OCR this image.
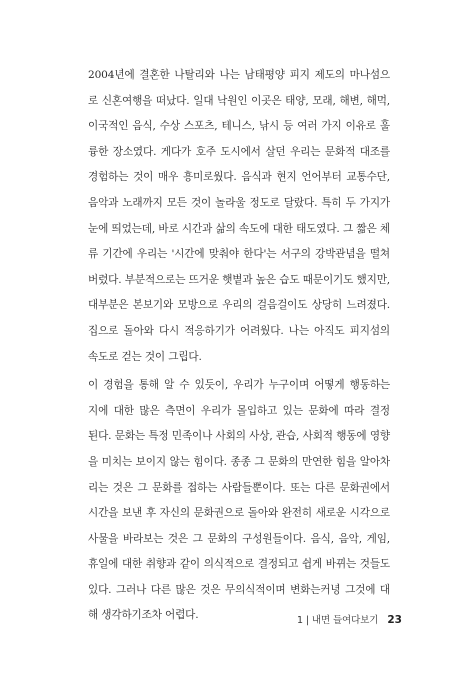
2004년에 결혼한 나탈리와 나는 남태평양 피지 제도의 마나섬으
로 신혼여행을 떠났다. 일대 낙원인 이곳은 태양, 모래, 해변, 해먹,
이국적인 음식, 수상 스포츠, 테니스, 낚시 등 여러 가지 이유로 훌
륭한 장소였다. 게다가 호주 도시에서 살던 우리는 문화적 대조를
경험하는 것이 매우 흥미로웠다. 음식과 현지 언어부터 교통수단,
음악과 노래까지 모든 것이 놀라울 정도로 달랐다. 특히 두 가지가
눈에 띄었는데, 바로 시간과 삶의 속도에 대한 태도였다. 그 짧은 체
류 기간에 우리는 '시간에 맞춰야 한다'는 서구의 강박관념을 떨쳐
버렸다. 부분적으로는 뜨거운 햇볕과 높은 습도 때문이기도 했지만,
대부분은 본보기와 모방으로 우리의 걸음걸이도 상당히 느려졌다.
집으로 돌아와 다시 적응하기가 어려웠다. 나는 아직도 피지섬의
속도로 걷는 것이 그립다.
이 경험을 통해 알 수 있듯이, 우리가 누구이며 어떻게 행동하는
지에 대한 많은 측면이 우리가 몰입하고 있는 문화에 따라 결정
된다. 문화는 특정 민족이나 사회의 사상, 관습, 사회적 행동에 영향
을 미치는 보이지 않는 힘이다. 종종 그 문화의 만연한 힘을 알아차
리는 것은 그 문화를 접하는 사람들뿐이다. 또는 다른 문화권에서
시간을 보낸 후 자신의 문화권으로 돌아와 완전히 새로운 시각으로
사물을 바라보는 것은 그 문화의 구성원들이다. 음식, 음악, 게임,
휴일에 대한 취향과 같이 의식적으로 결정되고 쉽게 바뀌는 것들도
있다. 그러나 다른 많은 것은 무의식적이며 변화는커녕 그것에 대
해 생각하기조차 어렵다.	1 | 내면 들여다보기 23
